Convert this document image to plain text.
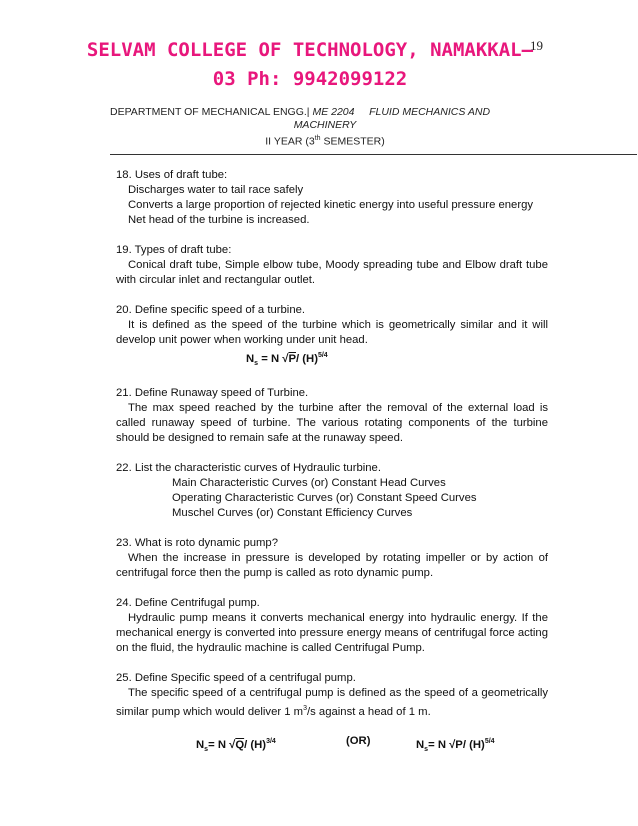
SELVAM COLLEGE OF TECHNOLOGY, NAMAKKAL–
03 Ph: 9942099122
19
DEPARTMENT OF MECHANICAL ENGG.| ME 2204 FLUID MECHANICS AND
MACHINERY
II YEAR (3th SEMESTER)

18. Uses of draft tube:

Discharges water to tail race safely

Converts a large proportion of rejected kinetic energy into useful pressure energy

Net head of the turbine is increased.

19. Types of draft tube:

Conical draft tube, Simple elbow tube, Moody spreading tube and Elbow draft tube with circular inlet and rectangular outlet.

20. Define specific speed of a turbine.

It is defined as the speed of the turbine which is geometrically similar and it will develop unit power when working under unit head.

$N_s = N$ √P/ $(H)^{5/4}$

21. Define Runaway speed of Turbine.

The max speed reached by the turbine after the removal of the external load is called runaway speed of turbine. The various rotating components of the turbine should be designed to remain safe at the runaway speed.

22. List the characteristic curves of Hydraulic turbine.

Main Characteristic Curves (or) Constant Head Curves

Operating Characteristic Curves (or) Constant Speed Curves

Muschel Curves (or) Constant Efficiency Curves

23. What is roto dynamic pump?

When the increase in pressure is developed by rotating impeller or by action of centrifugal force then the pump is called as roto dynamic pump.

24. Define Centrifugal pump.

Hydraulic pump means it converts mechanical energy into hydraulic energy. If the mechanical energy is converted into pressure energy means of centrifugal force acting on the fluid, the hydraulic machine is called Centrifugal Pump.

25. Define Specific speed of a centrifugal pump.

The specific speed of a centrifugal pump is defined as the speed of a geometrically similar pump which would deliver 1 $m^3/s$ against a head of 1 m.

$N_s= N$ √Q/ $(H)^{3/4}$	(OR)	$N_s= N$ √P/ $(H)^{5/4}$
